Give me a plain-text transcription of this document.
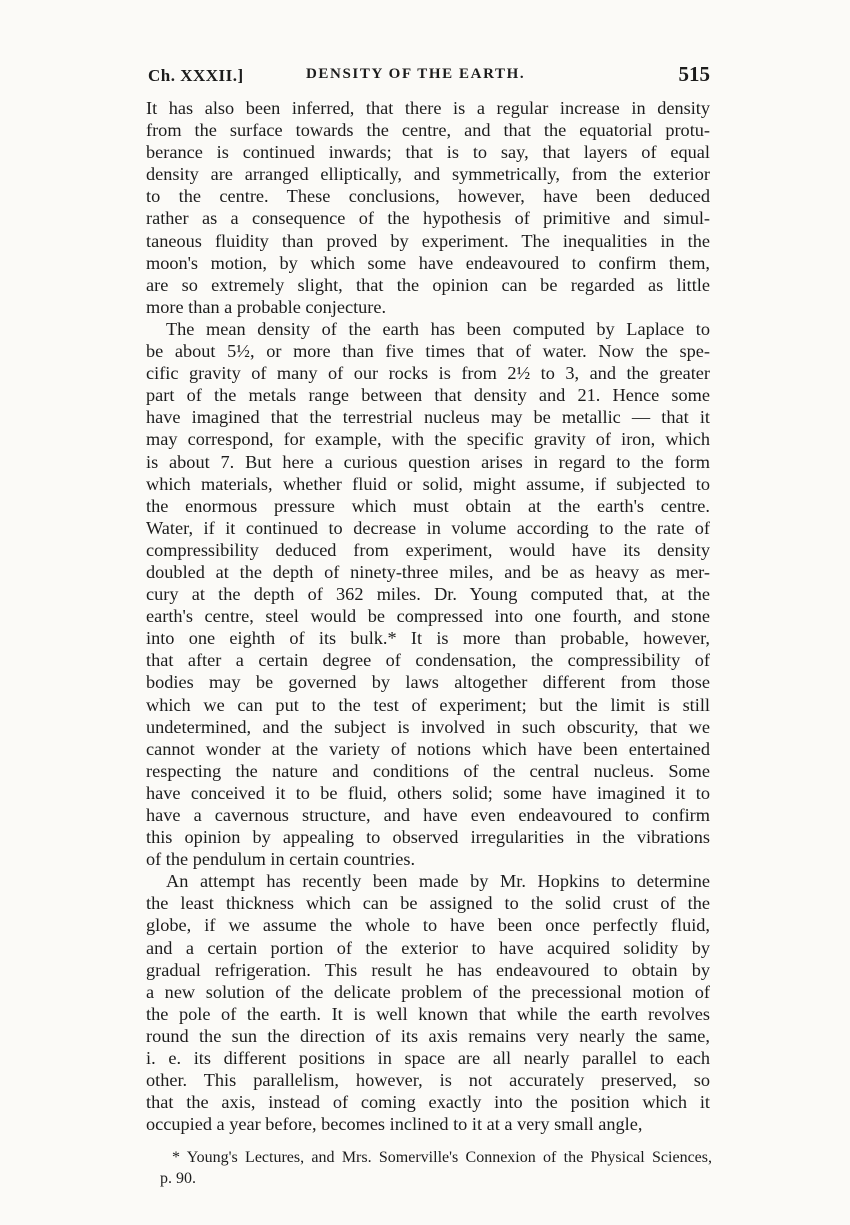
Ch. XXXII.]	DENSITY OF THE EARTH.	515
It has also been inferred, that there is a regular increase in density
from the surface towards the centre, and that the equatorial protu-
berance is continued inwards; that is to say, that layers of equal
density are arranged elliptically, and symmetrically, from the exterior
to the centre. These conclusions, however, have been deduced
rather as a consequence of the hypothesis of primitive and simul-
taneous fluidity than proved by experiment. The inequalities in the
moon's motion, by which some have endeavoured to confirm them,
are so extremely slight, that the opinion can be regarded as little
more than a probable conjecture.
The mean density of the earth has been computed by Laplace to
be about 5½, or more than five times that of water. Now the spe-
cific gravity of many of our rocks is from 2½ to 3, and the greater
part of the metals range between that density and 21. Hence some
have imagined that the terrestrial nucleus may be metallic — that it
may correspond, for example, with the specific gravity of iron, which
is about 7. But here a curious question arises in regard to the form
which materials, whether fluid or solid, might assume, if subjected to
the enormous pressure which must obtain at the earth's centre.
Water, if it continued to decrease in volume according to the rate of
compressibility deduced from experiment, would have its density
doubled at the depth of ninety-three miles, and be as heavy as mer-
cury at the depth of 362 miles. Dr. Young computed that, at the
earth's centre, steel would be compressed into one fourth, and stone
into one eighth of its bulk.* It is more than probable, however,
that after a certain degree of condensation, the compressibility of
bodies may be governed by laws altogether different from those
which we can put to the test of experiment; but the limit is still
undetermined, and the subject is involved in such obscurity, that we
cannot wonder at the variety of notions which have been entertained
respecting the nature and conditions of the central nucleus. Some
have conceived it to be fluid, others solid; some have imagined it to
have a cavernous structure, and have even endeavoured to confirm
this opinion by appealing to observed irregularities in the vibrations
of the pendulum in certain countries.
An attempt has recently been made by Mr. Hopkins to determine
the least thickness which can be assigned to the solid crust of the
globe, if we assume the whole to have been once perfectly fluid,
and a certain portion of the exterior to have acquired solidity by
gradual refrigeration. This result he has endeavoured to obtain by
a new solution of the delicate problem of the precessional motion of
the pole of the earth. It is well known that while the earth revolves
round the sun the direction of its axis remains very nearly the same,
i. e. its different positions in space are all nearly parallel to each
other. This parallelism, however, is not accurately preserved, so
that the axis, instead of coming exactly into the position which it
occupied a year before, becomes inclined to it at a very small angle,
* Young's Lectures, and Mrs. Somerville's Connexion of the Physical Sciences,
p. 90.
